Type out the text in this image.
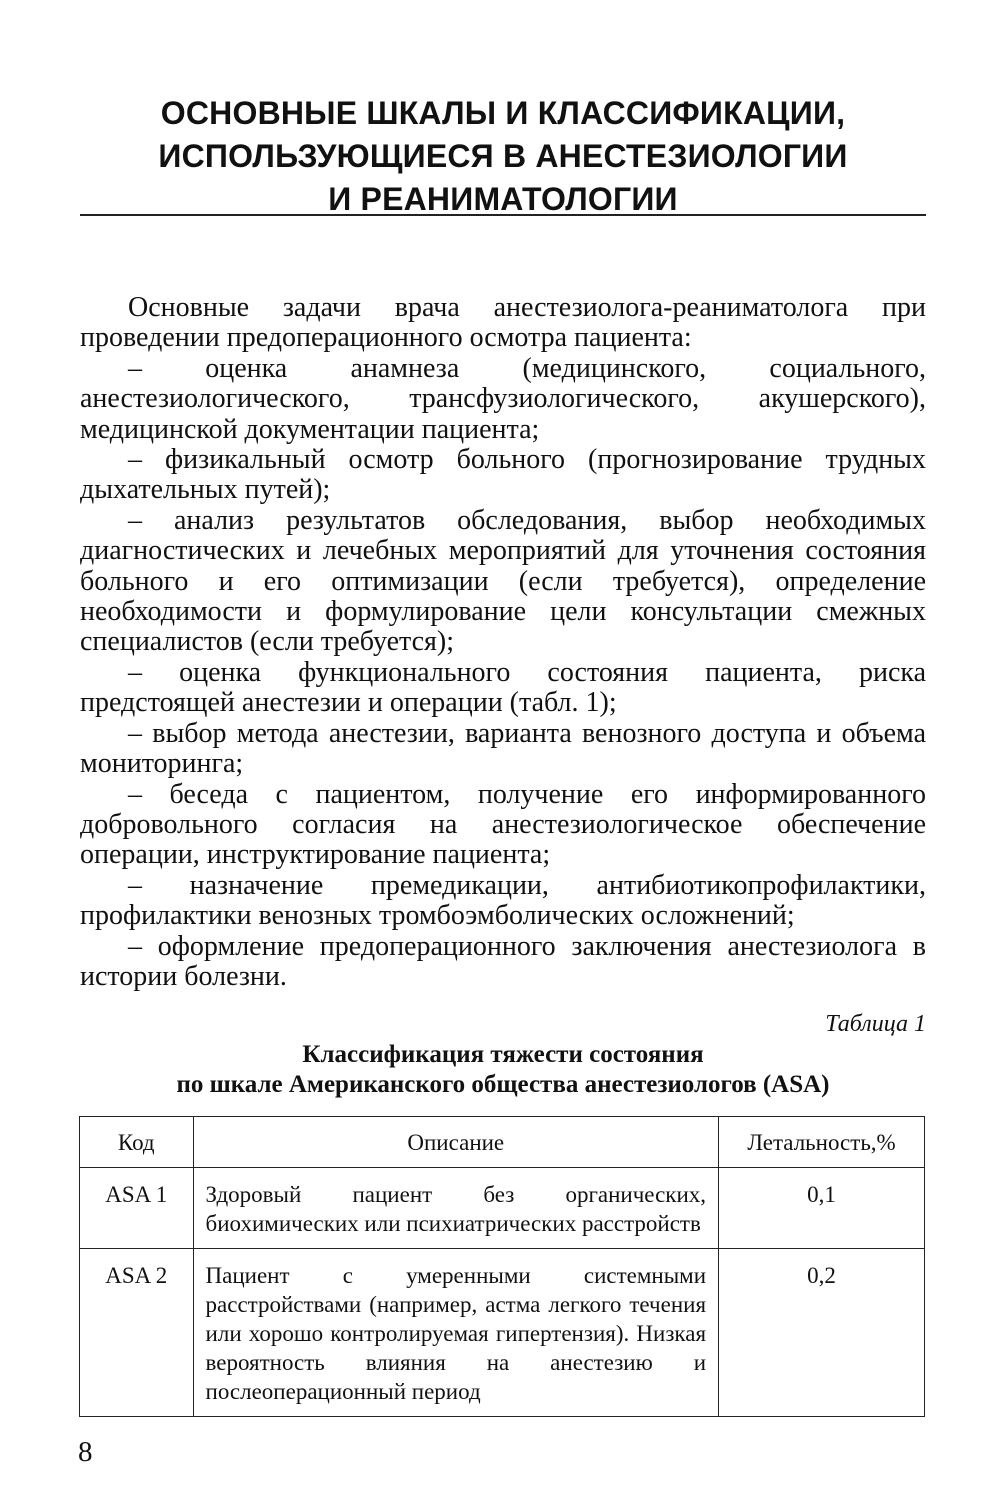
ОСНОВНЫЕ ШКАЛЫ И КЛАССИФИКАЦИИ,
ИСПОЛЬЗУЮЩИЕСЯ В АНЕСТЕЗИОЛОГИИ
И РЕАНИМАТОЛОГИИ

Основные задачи врача анестезиолога-реаниматолога при проведении предоперационного осмотра пациента:

– оценка анамнеза (медицинского, социального, анестезиологического, трансфузиологического, акушерского), медицинской документации пациента;

– физикальный осмотр больного (прогнозирование трудных дыхательных путей);

– анализ результатов обследования, выбор необходимых диагностических и лечебных мероприятий для уточнения состояния больного и его оптимизации (если требуется), определение необходимости и формулирование цели консультации смежных специалистов (если требуется);

– оценка функционального состояния пациента, риска предстоящей анестезии и операции (табл. 1);

– выбор метода анестезии, варианта венозного доступа и объема мониторинга;

– беседа с пациентом, получение его информированного добровольного согласия на анестезиологическое обеспечение операции, инструктирование пациента;

– назначение премедикации, антибиотикопрофилактики, профилактики венозных тромбоэмболических осложнений;

– оформление предоперационного заключения анестезиолога в истории болезни.

Таблица 1
Классификация тяжести состояния
по шкале Американского общества анестезиологов (ASA)
Код	Описание	Летальность,%
ASA 1	Здоровый пациент без органических, биохимических или психиатрических расстройств	0,1
ASA 2	Пациент с умеренными системными расстройствами (например, астма легкого течения или хорошо контролируемая гипертензия). Низкая вероятность влияния на анестезию и послеоперационный период	0,2
8
